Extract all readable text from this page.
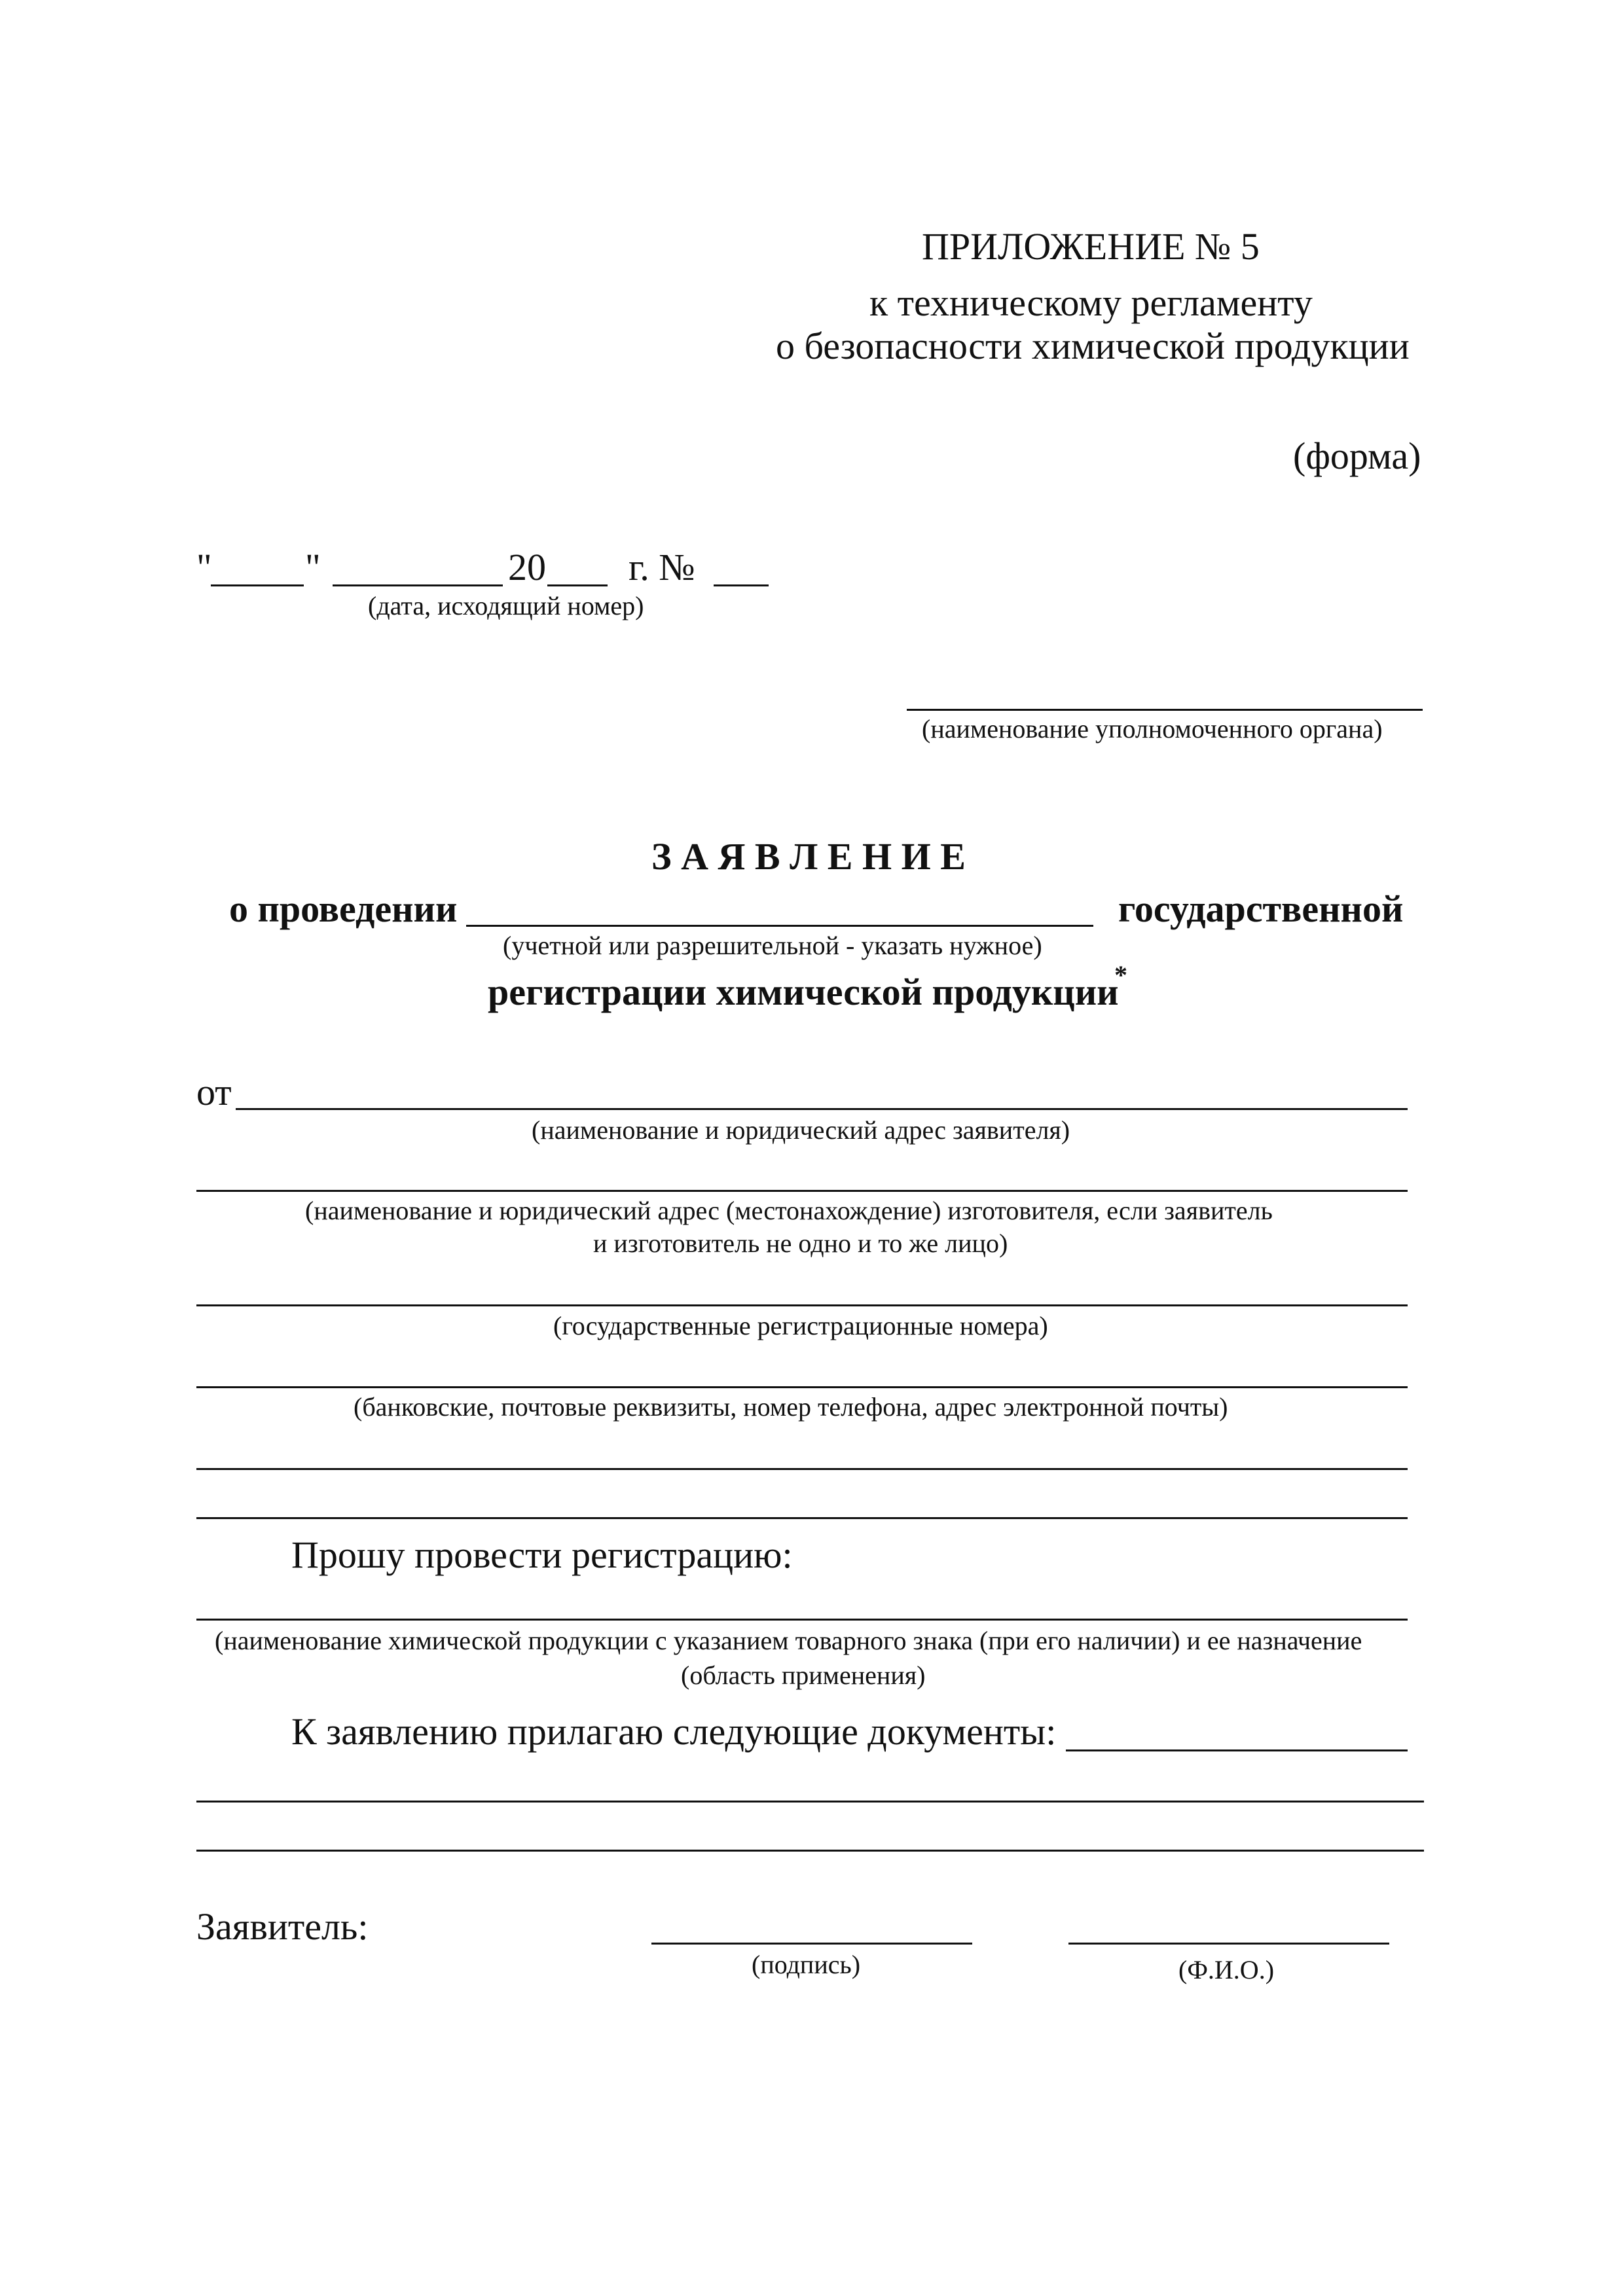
ПРИЛОЖЕНИЕ № 5
к техническому регламенту
о безопасности химической продукции
(форма)
" "	20 г. №
(дата, исходящий номер)
(наименование уполномоченного органа)
З А Я В Л Е Н И Е
о проведении	государственной
(учетной или разрешительной - указать нужное)
регистрации химической продукции
*
от
(наименование и юридический адрес заявителя)
(наименование и юридический адрес (местонахождение) изготовителя, если заявитель
и изготовитель не одно и то же лицо)
(государственные регистрационные номера)
(банковские, почтовые реквизиты, номер телефона, адрес электронной почты)
Прошу провести регистрацию:
(наименование химической продукции с указанием товарного знака (при его наличии) и ее назначение
(область применения)
К заявлению прилагаю следующие документы:
Заявитель:
(подпись)	(Ф.И.О.)
